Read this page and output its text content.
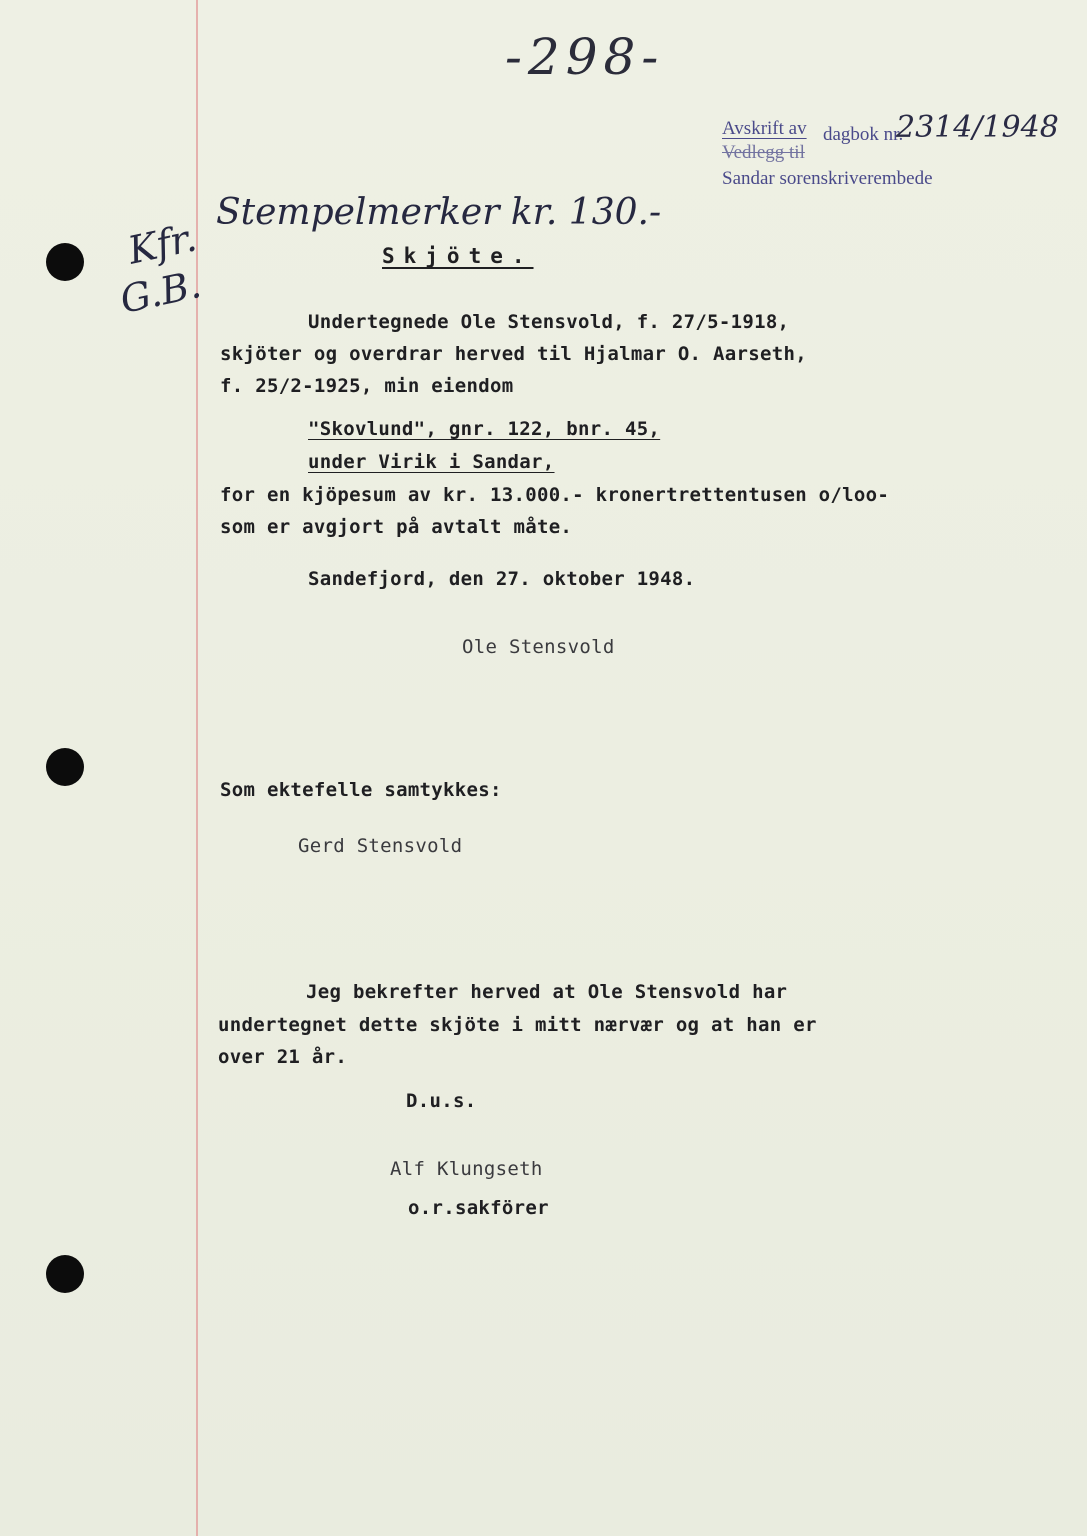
-298-
Avskrift av dagbok nr.
2314/1948
Vedlegg til
Sandar sorenskriverembede
Kfr.
G.B.
Stempelmerker kr. 130.-
Skjöte.
Undertegnede Ole Stensvold, f. 27/5-1918,
skjöter og overdrar herved til Hjalmar O. Aarseth,
f. 25/2-1925, min eiendom
"Skovlund", gnr. 122, bnr. 45,
under Virik i Sandar,
for en kjöpesum av kr. 13.000.- kronertrettentusen o/loo-
som er avgjort på avtalt måte.
Sandefjord, den 27. oktober 1948.
Ole Stensvold
Som ektefelle samtykkes:
Gerd Stensvold
Jeg bekrefter herved at Ole Stensvold har
undertegnet dette skjöte i mitt nærvær og at han er
over 21 år.
D.u.s.
Alf Klungseth
o.r.sakförer
